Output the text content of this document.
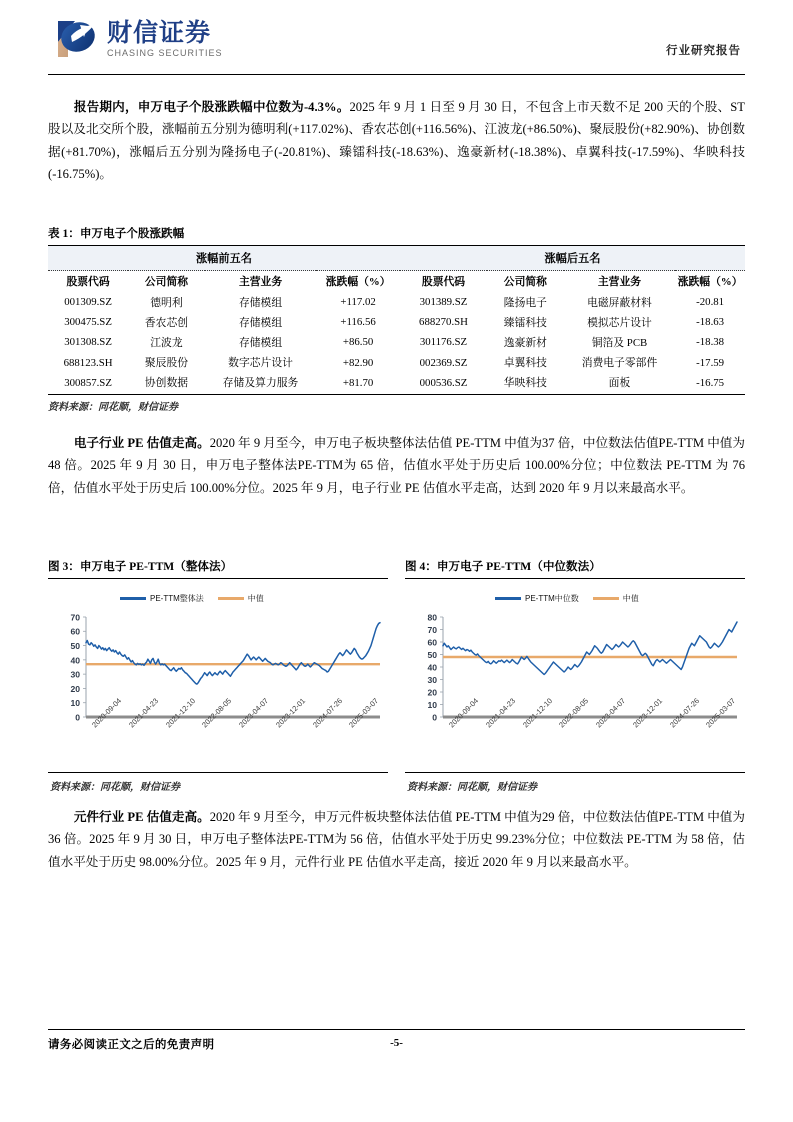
财信证券
CHASING SECURITIES	行业研究报告
报告期内，申万电子个股涨跌幅中位数为-4.3%。2025 年 9 月 1 日至 9 月 30 日，不包含上市天数不足 200 天的个股、ST 股以及北交所个股，涨幅前五分别为德明利(+117.02%)、香农芯创(+116.56%)、江波龙(+86.50%)、聚辰股份(+82.90%)、协创数据(+81.70%)，涨幅后五分别为隆扬电子(-20.81%)、臻镭科技(-18.63%)、逸豪新材(-18.38%)、卓翼科技(-17.59%)、华映科技(-16.75%)。
表 1：申万电子个股涨跌幅
涨幅前五名				涨幅后五名			
股票代码	公司简称	主营业务	涨跌幅（%）	股票代码	公司简称	主营业务	涨跌幅（%）
001309.SZ	德明利	存储模组	+117.02	301389.SZ	隆扬电子	电磁屏蔽材料	-20.81
300475.SZ	香农芯创	存储模组	+116.56	688270.SH	臻镭科技	模拟芯片设计	-18.63
301308.SZ	江波龙	存储模组	+86.50	301176.SZ	逸豪新材	铜箔及 PCB	-18.38
688123.SH	聚辰股份	数字芯片设计	+82.90	002369.SZ	卓翼科技	消费电子零部件	-17.59
300857.SZ	协创数据	存储及算力服务	+81.70	000536.SZ	华映科技	面板	-16.75
资料来源：同花顺，财信证券
电子行业 PE 估值走高。2020 年 9 月至今，申万电子板块整体法估值 PE-TTM 中值为37 倍，中位数法估值PE-TTM 中值为48 倍。2025 年 9 月 30 日，申万电子整体法PE-TTM为 65 倍，估值水平处于历史后 100.00%分位；中位数法 PE-TTM 为 76 倍，估值水平处于历史后 100.00%分位。2025 年 9 月，电子行业 PE 估值水平走高，达到 2020 年 9 月以来最高水平。
图 3：申万电子 PE-TTM（整体法）
PE-TTM整体法	中值
0
10
20
30
40
50
60
70
2020-09-04 2021-04-23 2021-12-10 2022-08-05 2023-04-07 2023-12-01 2024-07-26 2025-03-07
资料来源：同花顺，财信证券
图 4：申万电子 PE-TTM（中位数法）
PE-TTM中位数	中值
0
10
20
30
40
50
60
70
80
2020-09-04 2021-04-23 2021-12-10 2022-08-05 2023-04-07 2023-12-01 2024-07-26 2025-03-07
资料来源：同花顺，财信证券
元件行业 PE 估值走高。2020 年 9 月至今，申万元件板块整体法估值 PE-TTM 中值为29 倍，中位数法估值PE-TTM 中值为36 倍。2025 年 9 月 30 日，申万电子整体法PE-TTM为 56 倍，估值水平处于历史 99.23%分位；中位数法 PE-TTM 为 58 倍，估值水平处于历史 98.00%分位。2025 年 9 月，元件行业 PE 估值水平走高，接近 2020 年 9 月以来最高水平。
请务必阅读正文之后的免责声明	-5-
